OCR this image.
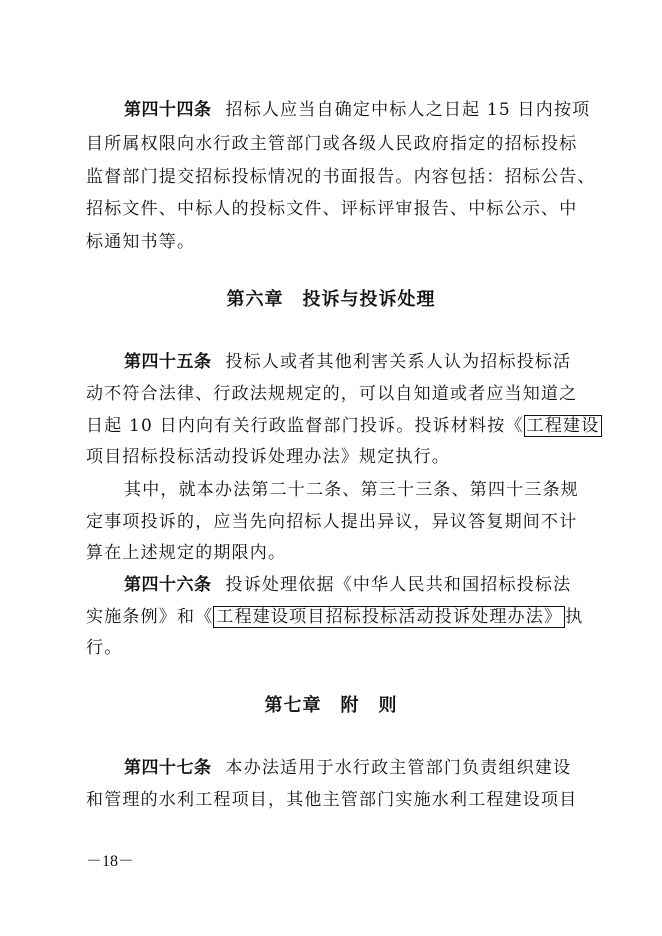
第四十四条 招标人应当自确定中标人之日起 15 日内按项
目所属权限向水行政主管部门或各级人民政府指定的招标投标
监督部门提交招标投标情况的书面报告。内容包括：招标公告、
招标文件、中标人的投标文件、评标评审报告、中标公示、中
标通知书等。
第六章　投诉与投诉处理
第四十五条 投标人或者其他利害关系人认为招标投标活
动不符合法律、行政法规规定的，可以自知道或者应当知道之
日起 10 日内向有关行政监督部门投诉。投诉材料按《 工程建设
项目招标投标活动投诉处理办法》规定执行。
其中，就本办法第二十二条、第三十三条、第四十三条规
定事项投诉的，应当先向招标人提出异议，异议答复期间不计
算在上述规定的期限内。
第四十六条 投诉处理依据《中华人民共和国招标投标法
实施条例》和《 工程建设项目招标投标活动投诉处理办法》 执
行。
第七章　附　则
第四十七条 本办法适用于水行政主管部门负责组织建设
和管理的水利工程项目，其他主管部门实施水利工程建设项目
－18－
